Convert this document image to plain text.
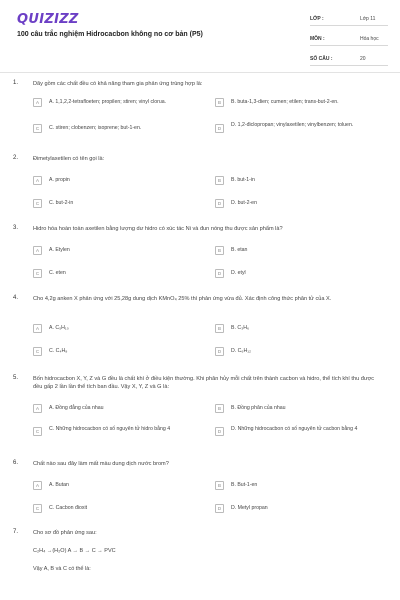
QUIZIZZ
100 câu trắc nghiệm Hidrocacbon không no cơ bản (P5)
LỚP :	Lớp 11
MÔN :	Hóa học
SỐ CÂU :	20
1.	Dãy gồm các chất đều có khả năng tham gia phản ứng trùng hợp là:
A	A. 1,1,2,2-tetrafloeten; propilen; stiren; vinyl clorua.	B	B. buta-1,3-dien; cumen; etilen; trans-but-2-en.
C	C. stiren; clobenzen; isoprene; but-1-en.	D
D. 1,2-điclopropan; vinylaxetilen; vinylbenzen; toluen.
2.	Đimetylaxetilen có tên gọi là:
A	A. propin	B	B. but-1-in
C	C. but-2-in	D	D. but-2-en
3.	Hidro hóa hoàn toàn axetilen bằng lượng dư hidro có xúc tác Ni và đun nóng thu được sản phẩm là?
A	A. Etylen	B	B. etan
C	C. eten	D	D. etyl
4.	Cho 4,2g anken X phản ứng với 25,28g dung dịch KMnO₄ 25% thì phản ứng vừa đủ. Xác định công thức phân tử của X.
A	A. C₅H₁₀	B	B. C₃H₆
C	C. C₄H₈	D	D. C₆H₁₂
5.	Bốn hidrocacbon X, Y, Z và G đều là chất khí ở điều kiện thường. Khi phân hủy mỗi chất trên thành cacbon và hidro, thể tích khí thu được đều gấp 2 lần lần thể tích ban đầu. Vậy X, Y, Z và G là:
A	A. Đồng đẳng của nhau	B	B. Đồng phân của nhau
C	C. Những hidrocacbon có số nguyên tử hidro bằng 4	D	D. Những hidrocacbon có số nguyên tử cacbon bằng 4
6.	Chất nào sau đây làm mất màu dung dịch nước brom?
A	A. Butan	B	B. But-1-en
C	C. Cacbon đioxit	D	D. Metyl propan
7.	Cho sơ đồ phản ứng sau:
C₂H₄ →(H₂O) A → B → C → PVC
Vậy A, B và C có thể là:
